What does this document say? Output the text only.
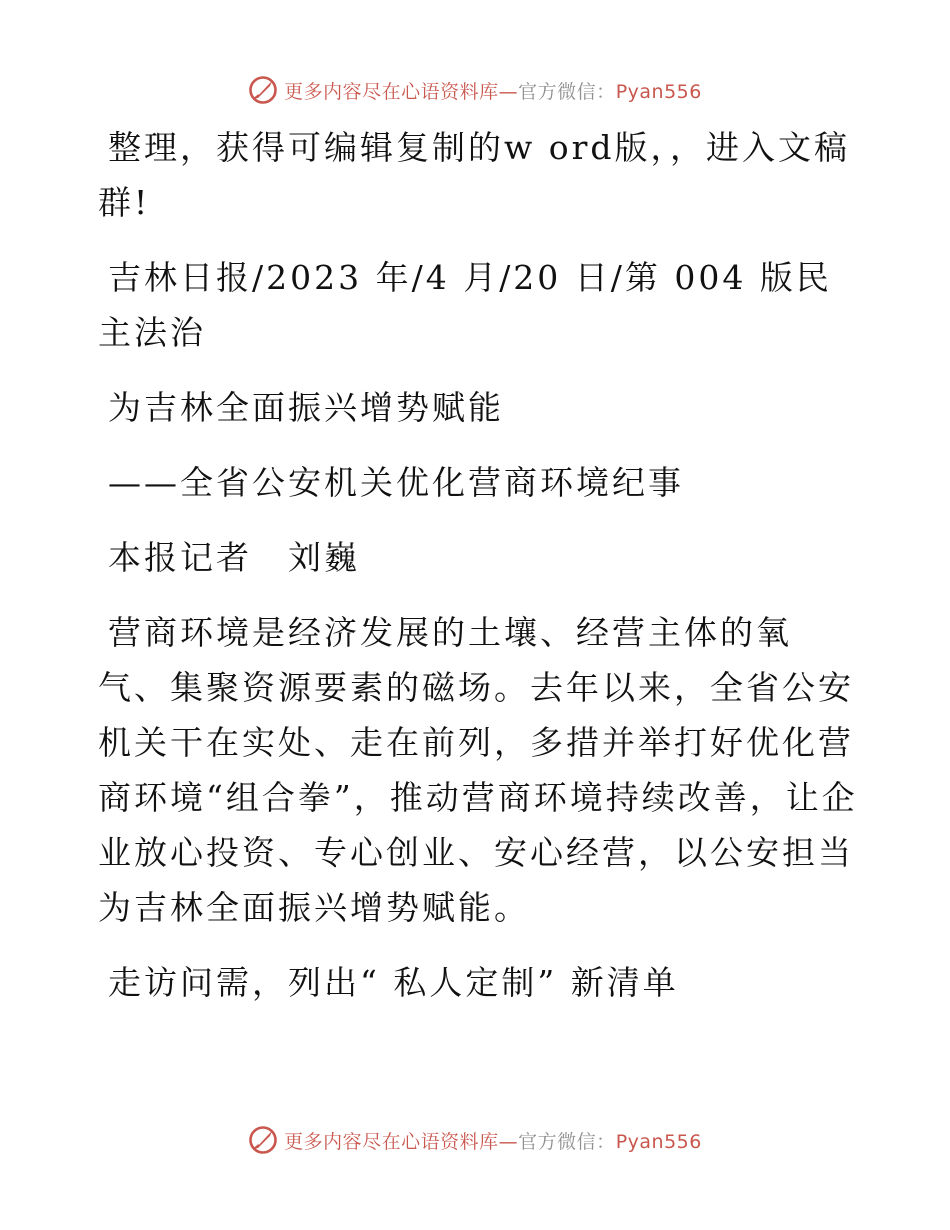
更多内容尽在心语资料库—官方微信：Pyan556

整理，获得可编辑复制的w ord版，，进入文稿群!

吉林日报/2023 年/4 月/20 日/第 004 版民主法治

为吉林全面振兴增势赋能

——全省公安机关优化营商环境纪事

本报记者　刘巍

营商环境是经济发展的土壤、经营主体的氧气、集聚资源要素的磁场。去年以来，全省公安机关干在实处、走在前列，多措并举打好优化营商环境“组合拳”，推动营商环境持续改善，让企业放心投资、专心创业、安心经营，以公安担当为吉林全面振兴增势赋能。

走访问需，列出“ 私人定制” 新清单

更多内容尽在心语资料库—官方微信：Pyan556
